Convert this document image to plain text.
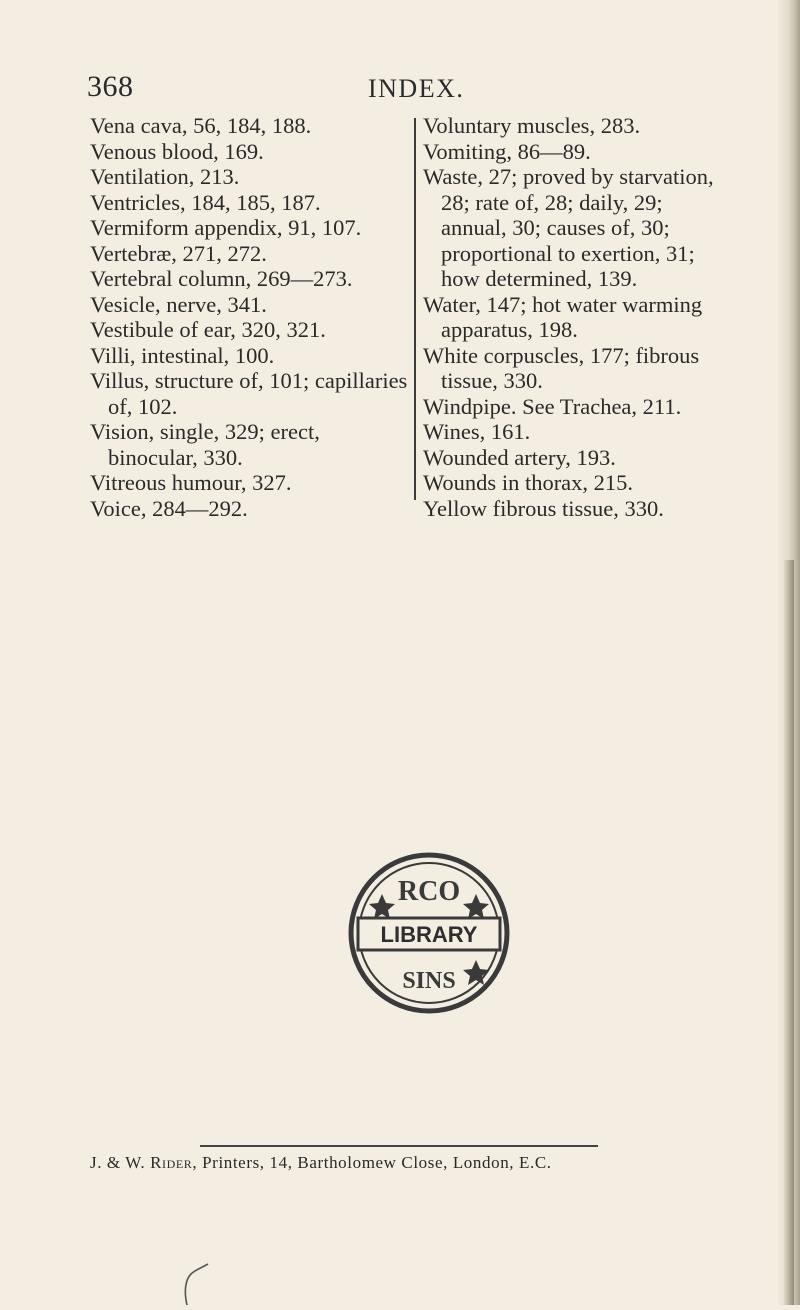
368	INDEX.

Vena cava, 56, 184, 188.

Venous blood, 169.

Ventilation, 213.

Ventricles, 184, 185, 187.

Vermiform appendix, 91, 107.

Vertebræ, 271, 272.

Vertebral column, 269—273.

Vesicle, nerve, 341.

Vestibule of ear, 320, 321.

Villi, intestinal, 100.

Villus, structure of, 101; capillaries of, 102.

Vision, single, 329; erect, binocular, 330.

Vitreous humour, 327.

Voice, 284—292.

Voluntary muscles, 283.

Vomiting, 86—89.

Waste, 27; proved by starvation, 28; rate of, 28; daily, 29; annual, 30; causes of, 30; proportional to exertion, 31; how determined, 139.

Water, 147; hot water warming apparatus, 198.

White corpuscles, 177; fibrous tissue, 330.

Windpipe. See Trachea, 211.

Wines, 161.

Wounded artery, 193.

Wounds in thorax, 215.

Yellow fibrous tissue, 330.

LIBRARY
RCO
SINS
J. & W. Rider, Printers, 14, Bartholomew Close, London, E.C.
